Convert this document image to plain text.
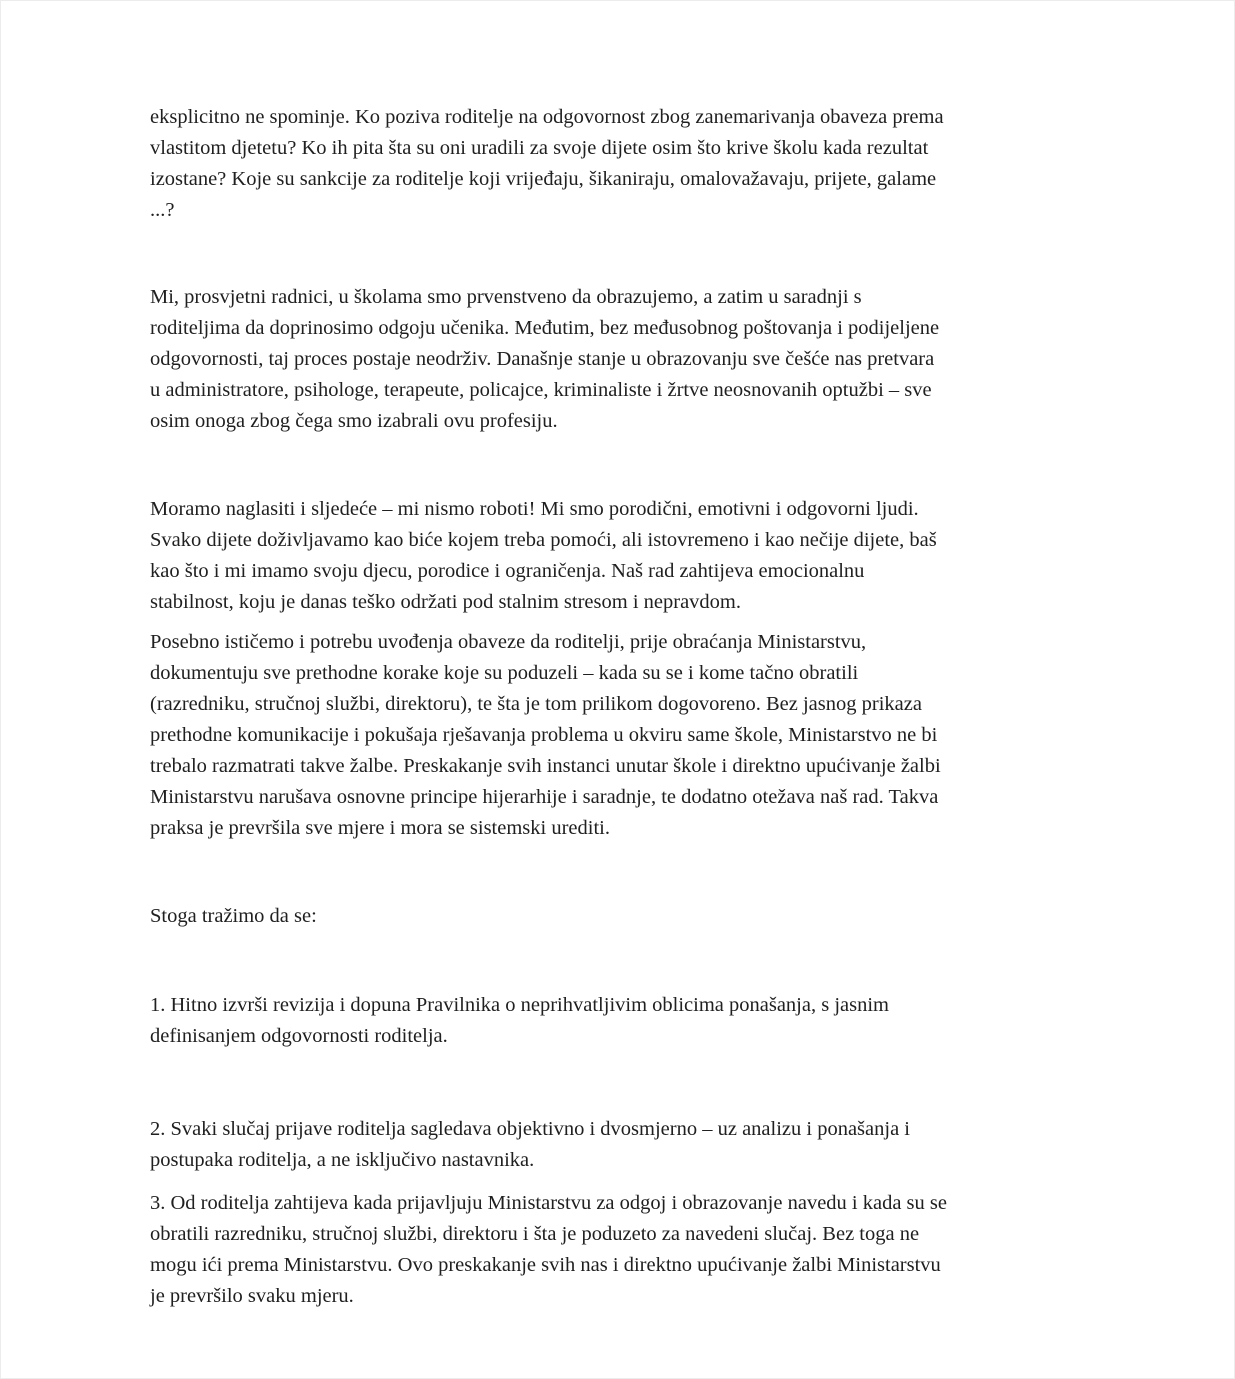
eksplicitno ne spominje. Ko poziva roditelje na odgovornost zbog zanemarivanja obaveza prema
vlastitom djetetu? Ko ih pita šta su oni uradili za svoje dijete osim što krive školu kada rezultat
izostane? Koje su sankcije za roditelje koji vrijeđaju, šikaniraju, omalovažavaju, prijete, galame
...?

Mi, prosvjetni radnici, u školama smo prvenstveno da obrazujemo, a zatim u saradnji s
roditeljima da doprinosimo odgoju učenika. Međutim, bez međusobnog poštovanja i podijeljene
odgovornosti, taj proces postaje neodrživ. Današnje stanje u obrazovanju sve češće nas pretvara
u administratore, psihologe, terapeute, policajce, kriminaliste i žrtve neosnovanih optužbi – sve
osim onoga zbog čega smo izabrali ovu profesiju.

Moramo naglasiti i sljedeće – mi nismo roboti! Mi smo porodični, emotivni i odgovorni ljudi.
Svako dijete doživljavamo kao biće kojem treba pomoći, ali istovremeno i kao nečije dijete, baš
kao što i mi imamo svoju djecu, porodice i ograničenja. Naš rad zahtijeva emocionalnu
stabilnost, koju je danas teško održati pod stalnim stresom i nepravdom.

Posebno ističemo i potrebu uvođenja obaveze da roditelji, prije obraćanja Ministarstvu,
dokumentuju sve prethodne korake koje su poduzeli – kada su se i kome tačno obratili
(razredniku, stručnoj službi, direktoru), te šta je tom prilikom dogovoreno. Bez jasnog prikaza
prethodne komunikacije i pokušaja rješavanja problema u okviru same škole, Ministarstvo ne bi
trebalo razmatrati takve žalbe. Preskakanje svih instanci unutar škole i direktno upućivanje žalbi
Ministarstvu narušava osnovne principe hijerarhije i saradnje, te dodatno otežava naš rad. Takva
praksa je prevršila sve mjere i mora se sistemski urediti.

Stoga tražimo da se:

1. Hitno izvrši revizija i dopuna Pravilnika o neprihvatljivim oblicima ponašanja, s jasnim
definisanjem odgovornosti roditelja.

2. Svaki slučaj prijave roditelja sagledava objektivno i dvosmjerno – uz analizu i ponašanja i
postupaka roditelja, a ne isključivo nastavnika.

3. Od roditelja zahtijeva kada prijavljuju Ministarstvu za odgoj i obrazovanje navedu i kada su se
obratili razredniku, stručnoj službi, direktoru i šta je poduzeto za navedeni slučaj. Bez toga ne
mogu ići prema Ministarstvu. Ovo preskakanje svih nas i direktno upućivanje žalbi Ministarstvu
je prevršilo svaku mjeru.
